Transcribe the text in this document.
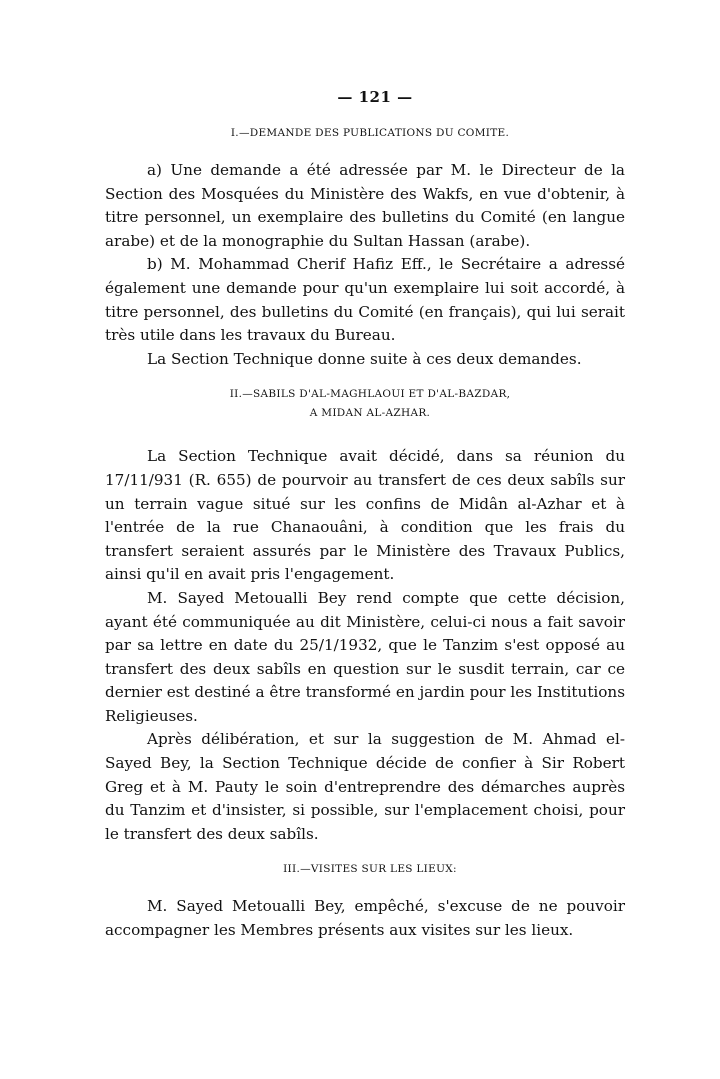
— 121 —
I.—DEMANDE DES PUBLICATIONS DU COMITE.

a) Une demande a été adressée par M. le Directeur de la Section des Mosquées du Ministère des Wakfs, en vue d'obtenir, à titre personnel, un exemplaire des bulletins du Comité (en langue arabe) et de la monographie du Sultan Hassan (arabe).

b) M. Mohammad Cherif Hafiz Eff., le Secrétaire a adressé également une demande pour qu'un exemplaire lui soit accordé, à titre personnel, des bulletins du Comité (en français), qui lui serait très utile dans les travaux du Bureau.

La Section Technique donne suite à ces deux demandes.

II.—SABILS D'AL-MAGHLAOUI ET D'AL-BAZDAR,
A MIDAN AL-AZHAR.

La Section Technique avait décidé, dans sa réunion du 17/11/931 (R. 655) de pourvoir au transfert de ces deux sabîls sur un terrain vague situé sur les confins de Midân al-Azhar et à l'entrée de la rue Chanaouâni, à condition que les frais du transfert seraient assurés par le Ministère des Travaux Publics, ainsi qu'il en avait pris l'engagement.

M. Sayed Metoualli Bey rend compte que cette décision, ayant été communiquée au dit Ministère, celui-ci nous a fait savoir par sa lettre en date du 25/1/1932, que le Tanzim s'est opposé au transfert des deux sabîls en question sur le susdit terrain, car ce dernier est destiné a être transformé en jardin pour les Institutions Religieuses.

Après délibération, et sur la suggestion de M. Ahmad el-Sayed Bey, la Section Technique décide de confier à Sir Robert Greg et à M. Pauty le soin d'entreprendre des démarches auprès du Tanzim et d'insister, si possible, sur l'emplacement choisi, pour le transfert des deux sabîls.

III.—VISITES SUR LES LIEUX:

M. Sayed Metoualli Bey, empêché, s'excuse de ne pouvoir accompagner les Membres présents aux visites sur les lieux.
